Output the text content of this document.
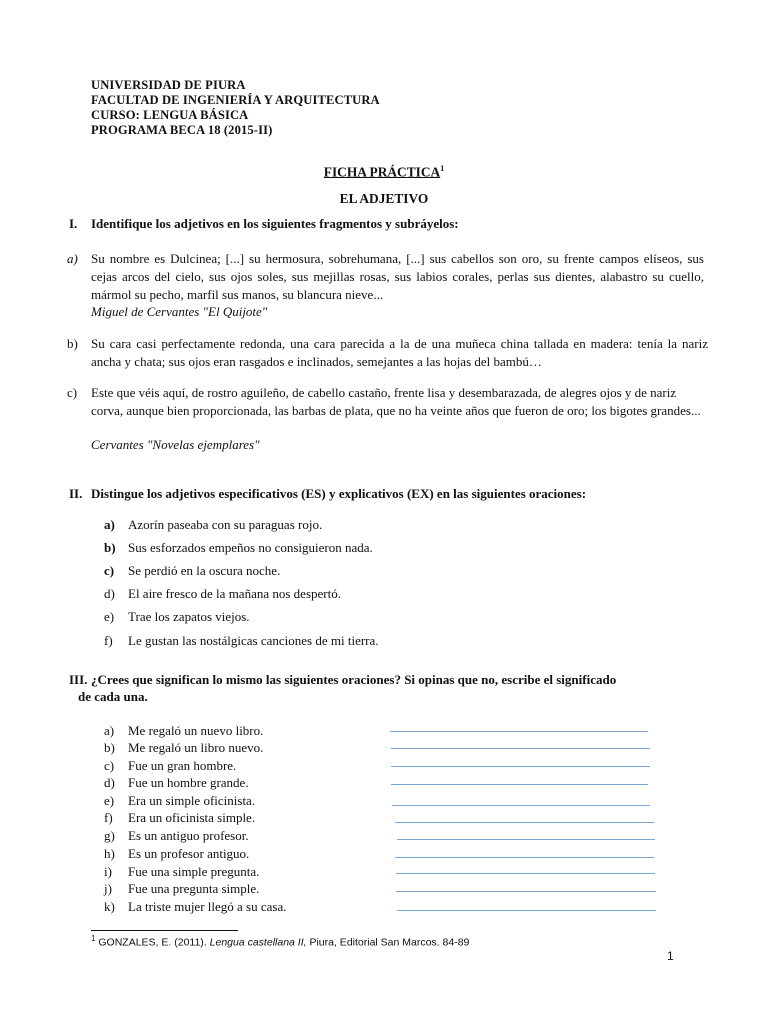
UNIVERSIDAD DE PIURA
FACULTAD DE INGENIERÍA Y ARQUITECTURA
CURSO: LENGUA BÁSICA
PROGRAMA BECA 18 (2015-II)
FICHA PRÁCTICA$^1$
EL ADJETIVO
I. Identifique los adjetivos en los siguientes fragmentos y subráyelos:
a) Su nombre es Dulcinea; [...] su hermosura, sobrehumana, [...] sus cabellos son oro, su frente campos elíseos, sus cejas arcos del cielo, sus ojos soles, sus mejillas rosas, sus labios corales, perlas sus dientes, alabastro su cuello, mármol su pecho, marfil sus manos, su blancura nieve...
Miguel de Cervantes "El Quijote"
b) Su cara casi perfectamente redonda, una cara parecida a la de una muñeca china tallada en madera: tenía la nariz ancha y chata; sus ojos eran rasgados e inclinados, semejantes a las hojas del bambú…
c) Este que véis aquí, de rostro aguileño, de cabello castaño, frente lisa y desembarazada, de alegres ojos y de nariz corva, aunque bien proporcionada, las barbas de plata, que no ha veinte años que fueron de oro; los bigotes grandes...
Cervantes "Novelas ejemplares"
II. Distingue los adjetivos especificativos (ES) y explicativos (EX) en las siguientes oraciones:
a) Azorín paseaba con su paraguas rojo.
b) Sus esforzados empeños no consiguieron nada.
c) Se perdió en la oscura noche.
d) El aire fresco de la mañana nos despertó.
e) Trae los zapatos viejos.
f) Le gustan las nostálgicas canciones de mi tierra.
III. ¿Crees que significan lo mismo las siguientes oraciones? Si opinas que no, escribe el significado
de cada una.
a) Me regaló un nuevo libro.
b) Me regaló un libro nuevo.
c) Fue un gran hombre.
d) Fue un hombre grande.
e) Era un simple oficinista.
f) Era un oficinista simple.
g) Es un antiguo profesor.
h) Es un profesor antiguo.
i) Fue una simple pregunta.
j) Fue una pregunta simple.
k) La triste mujer llegó a su casa.
$^1$ GONZALES, E. (2011). Lengua castellana II, Piura, Editorial San Marcos. 84-89
1
